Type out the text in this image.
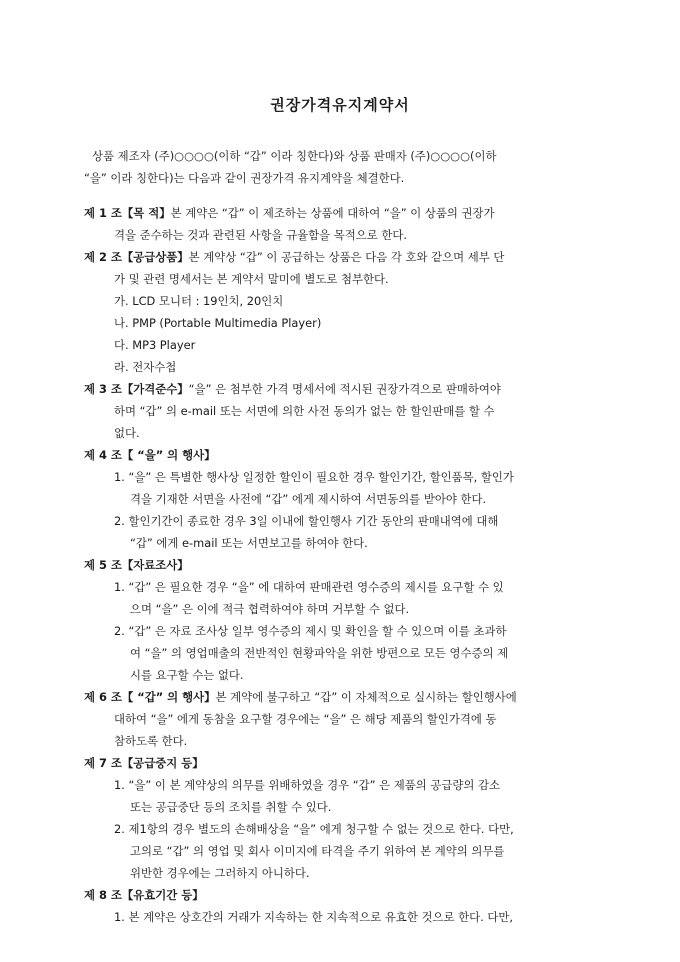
권장가격유지계약서
상품 제조자 (주)○○○○(이하 “갑” 이라 칭한다)와 상품 판매자 (주)○○○○(이하
“을” 이라 칭한다)는 다음과 같이 권장가격 유지계약을 체결한다.
제 1 조【목 적】본 계약은 “갑” 이 제조하는 상품에 대하여 “을” 이 상품의 권장가
격을 준수하는 것과 관련된 사항을 규율함을 목적으로 한다.
제 2 조【공급상품】본 계약상 “갑” 이 공급하는 상품은 다음 각 호와 같으며 세부 단
가 및 관련 명세서는 본 계약서 말미에 별도로 첨부한다.
가. LCD 모니터 : 19인치, 20인치
나. PMP (Portable Multimedia Player)
다. MP3 Player
라. 전자수첩
제 3 조【가격준수】“을” 은 첨부한 가격 명세서에 적시된 권장가격으로 판매하여야
하며 “갑” 의 e-mail 또는 서면에 의한 사전 동의가 없는 한 할인판매를 할 수
없다.
제 4 조【 “을” 의 행사】
1. “을” 은 특별한 행사상 일정한 할인이 필요한 경우 할인기간, 할인품목, 할인가
격을 기재한 서면을 사전에 “갑” 에게 제시하여 서면동의를 받아야 한다.
2. 할인기간이 종료한 경우 3일 이내에 할인행사 기간 동안의 판매내역에 대해
“갑” 에게 e-mail 또는 서면보고를 하여야 한다.
제 5 조【자료조사】
1. “갑” 은 필요한 경우 “을” 에 대하여 판매관련 영수증의 제시를 요구할 수 있
으며 “을” 은 이에 적극 협력하여야 하며 거부할 수 없다.
2. “갑” 은 자료 조사상 일부 영수증의 제시 및 확인을 할 수 있으며 이를 초과하
여 “을” 의 영업매출의 전반적인 현황파악을 위한 방편으로 모든 영수증의 제
시를 요구할 수는 없다.
제 6 조【 “갑” 의 행사】본 계약에 불구하고 “갑” 이 자체적으로 실시하는 할인행사에
대하여 “을” 에게 동참을 요구할 경우에는 “을” 은 해당 제품의 할인가격에 동
참하도록 한다.
제 7 조【공급중지 등】
1. “을” 이 본 계약상의 의무를 위배하였을 경우 “갑” 은 제품의 공급량의 감소
또는 공급중단 등의 조치를 취할 수 있다.
2. 제1항의 경우 별도의 손해배상을 “을” 에게 청구할 수 없는 것으로 한다. 다만,
고의로 “갑” 의 영업 및 회사 이미지에 타격을 주기 위하여 본 계약의 의무를
위반한 경우에는 그러하지 아니하다.
제 8 조【유효기간 등】
1. 본 계약은 상호간의 거래가 지속하는 한 지속적으로 유효한 것으로 한다. 다만,
